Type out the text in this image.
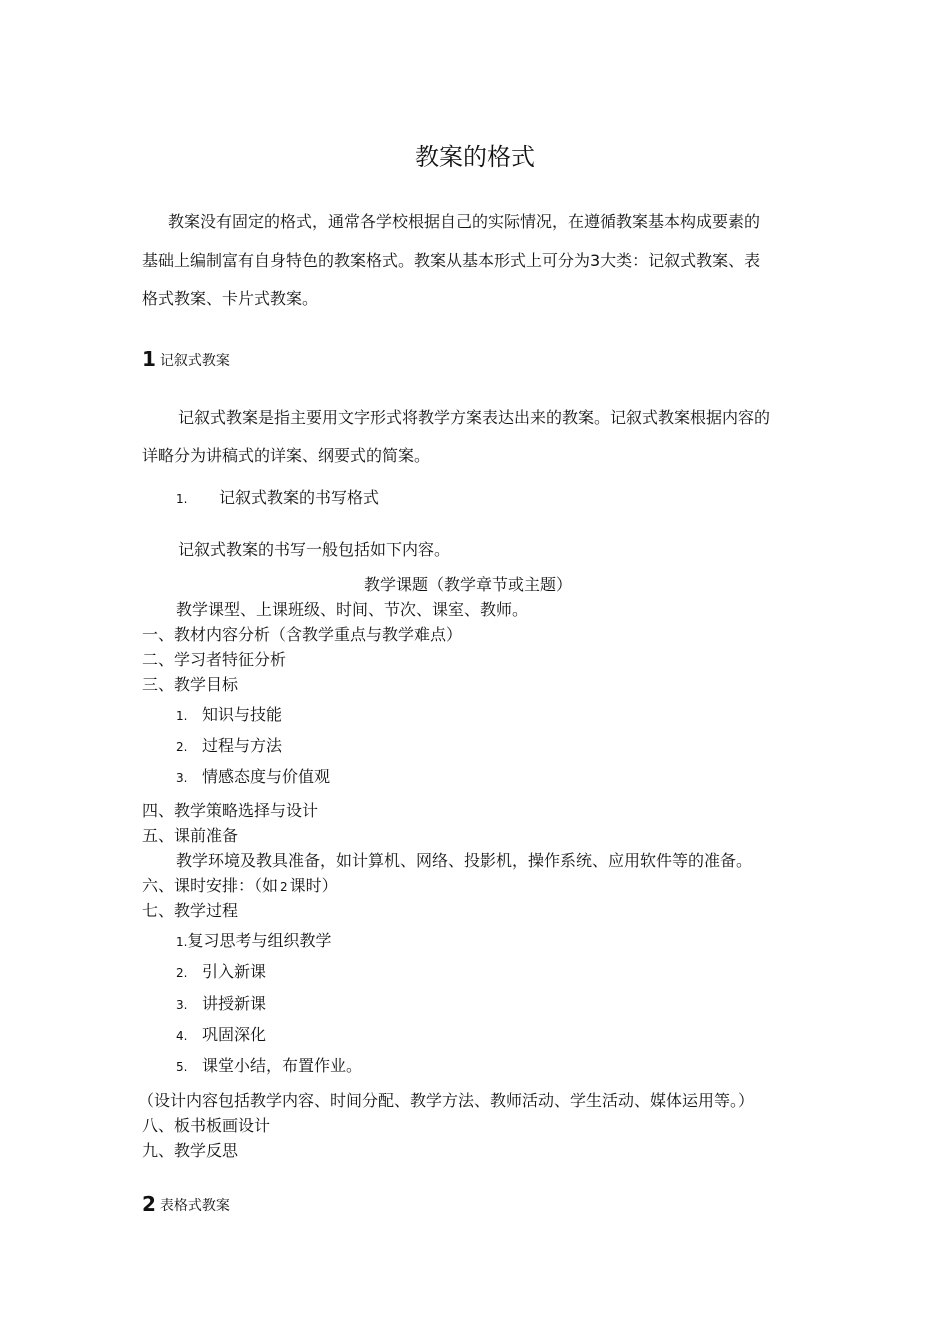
教案的格式
教案没有固定的格式，通常各学校根据自己的实际情况，在遵循教案基本构成要素的
基础上编制富有自身特色的教案格式。教案从基本形式上可分为3大类：记叙式教案、表
格式教案、卡片式教案。
1 记叙式教案
记叙式教案是指主要用文字形式将教学方案表达出来的教案。记叙式教案根据内容的
详略分为讲稿式的详案、纲要式的简案。
1. 记叙式教案的书写格式
记叙式教案的书写一般包括如下内容。
教学课题（教学章节或主题）
教学课型、上课班级、时间、节次、课室、教师。
一、教材内容分析（含教学重点与教学难点）
二、学习者特征分析
三、教学目标
1. 知识与技能
2. 过程与方法
3. 情感态度与价值观
四、教学策略选择与设计
五、课前准备
教学环境及教具准备，如计算机、网络、投影机，操作系统、应用软件等的准备。
六、课时安排：（如 2 课时）
七、教学过程
1.复习思考与组织教学
2. 引入新课
3. 讲授新课
4. 巩固深化
5. 课堂小结，布置作业。
（设计内容包括教学内容、时间分配、教学方法、教师活动、学生活动、媒体运用等。）
八、板书板画设计
九、教学反思
2 表格式教案
